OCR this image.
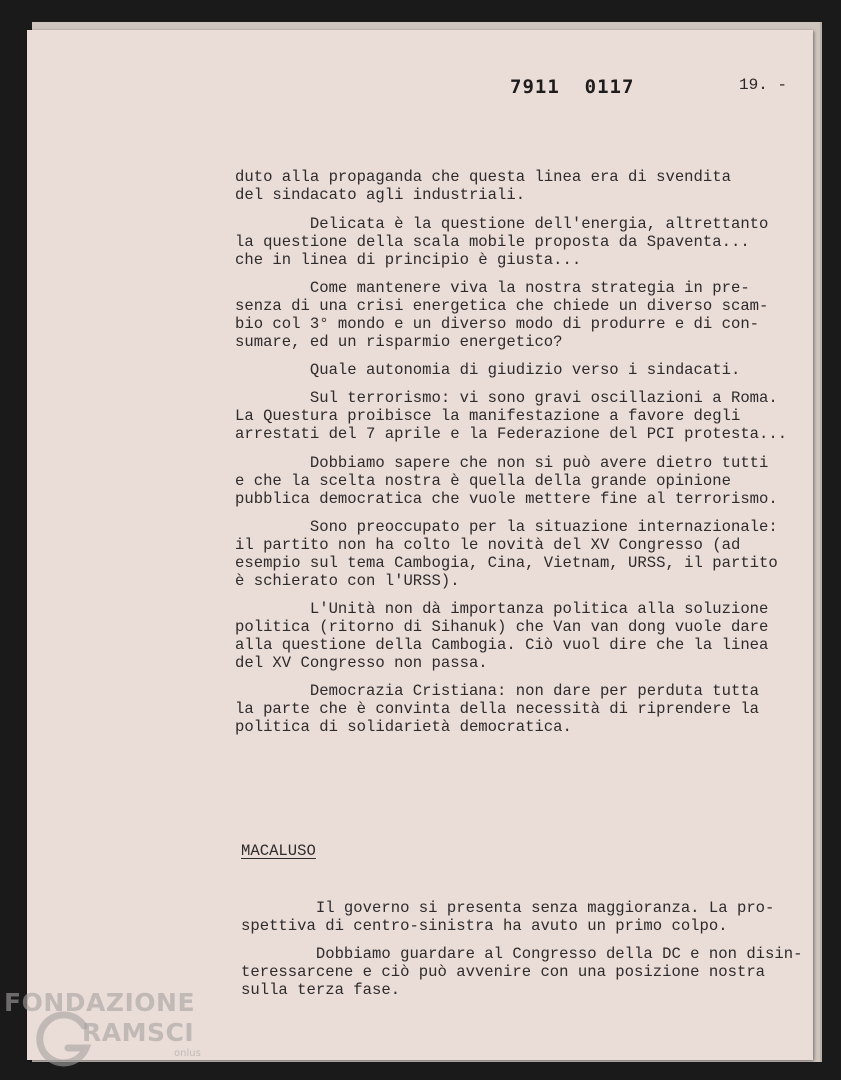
7911  0117	19. -
duto alla propaganda che questa linea era di svendita
del sindacato agli industriali.
Delicata è la questione dell'energia, altrettanto
la questione della scala mobile proposta da Spaventa...
che in linea di principio è giusta...
Come mantenere viva la nostra strategia in pre-
senza di una crisi energetica che chiede un diverso scam-
bio col 3° mondo e un diverso modo di produrre e di con-
sumare, ed un risparmio energetico?
Quale autonomia di giudizio verso i sindacati.
Sul terrorismo: vi sono gravi oscillazioni a Roma.
La Questura proibisce la manifestazione a favore degli
arrestati del 7 aprile e la Federazione del PCI protesta...
Dobbiamo sapere che non si può avere dietro tutti
e che la scelta nostra è quella della grande opinione
pubblica democratica che vuole mettere fine al terrorismo.
Sono preoccupato per la situazione internazionale:
il partito non ha colto le novità del XV Congresso (ad
esempio sul tema Cambogia, Cina, Vietnam, URSS, il partito
è schierato con l'URSS).
L'Unità non dà importanza politica alla soluzione
politica (ritorno di Sihanuk) che Van van dong vuole dare
alla questione della Cambogia. Ciò vuol dire che la linea
del XV Congresso non passa.
Democrazia Cristiana: non dare per perduta tutta
la parte che è convinta della necessità di riprendere la
politica di solidarietà democratica.
MACALUSO
Il governo si presenta senza maggioranza. La pro-
spettiva di centro-sinistra ha avuto un primo colpo.
Dobbiamo guardare al Congresso della DC e non disin-
teressarcene e ciò può avvenire con una posizione nostra
sulla terza fase.
FONDAZIONE
RAMSCI
onlus
